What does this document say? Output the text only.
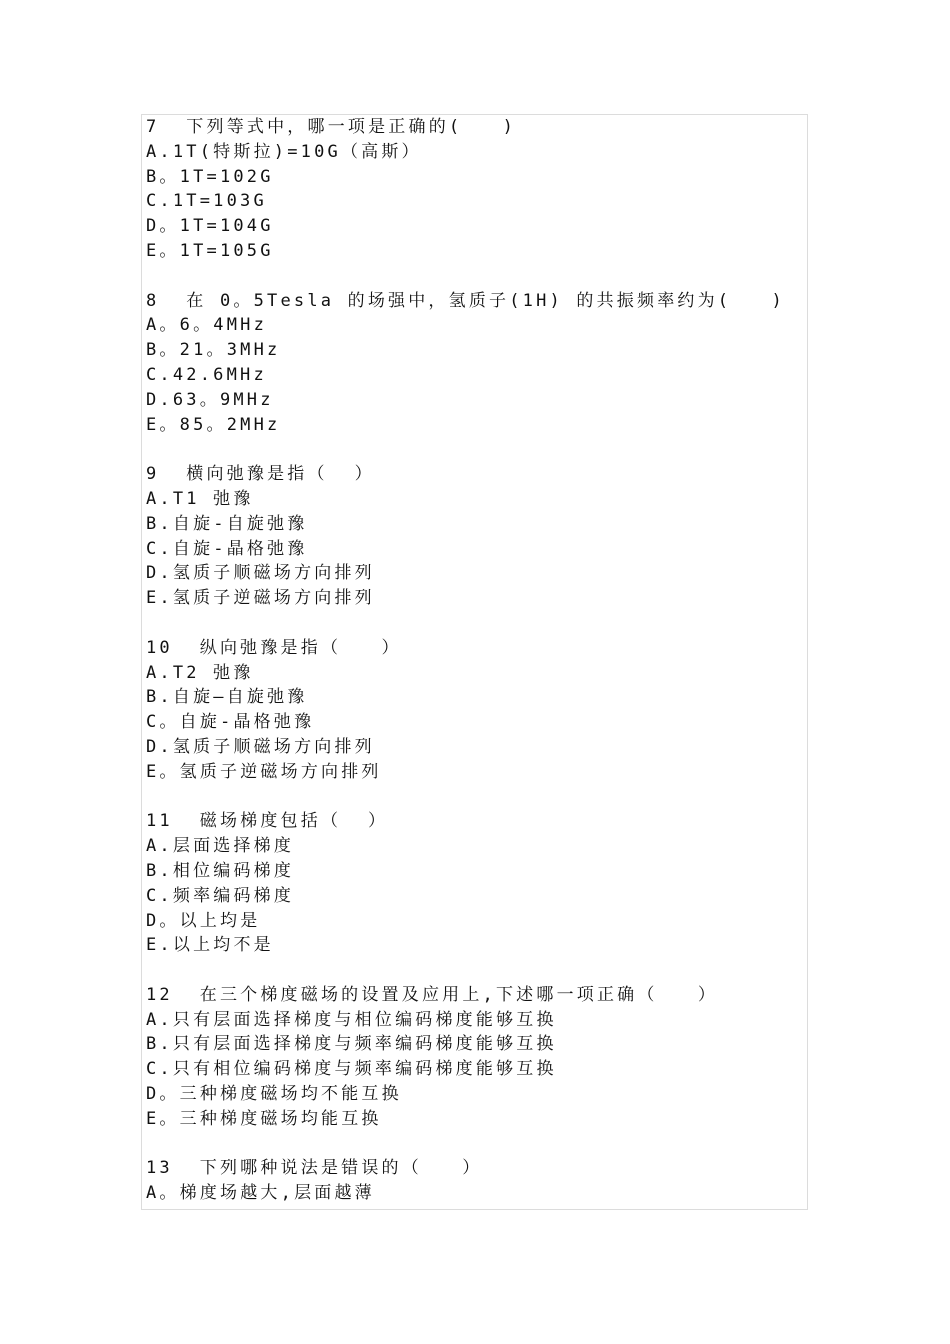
7  下列等式中，哪一项是正确的(   )
A.1T(特斯拉)=10G（高斯）
B。1T=102G
C.1T=103G
D。1T=104G
E。1T=105G
8  在 0。5Tesla 的场强中，氢质子(1H) 的共振频率约为(   )
A。6。4MHz
B。21。3MHz
C.42.6MHz
D.63。9MHz
E。85。2MHz
9  横向弛豫是指（  ）
A.T1 弛豫
B.自旋-自旋弛豫
C.自旋-晶格弛豫
D.氢质子顺磁场方向排列
E.氢质子逆磁场方向排列
10  纵向弛豫是指（   ）
A.T2 弛豫
B.自旋—自旋弛豫
C。自旋-晶格弛豫
D.氢质子顺磁场方向排列
E。氢质子逆磁场方向排列
11  磁场梯度包括（  ）
A.层面选择梯度
B.相位编码梯度
C.频率编码梯度
D。以上均是
E.以上均不是
12  在三个梯度磁场的设置及应用上,下述哪一项正确（   ）
A.只有层面选择梯度与相位编码梯度能够互换
B.只有层面选择梯度与频率编码梯度能够互换
C.只有相位编码梯度与频率编码梯度能够互换
D。三种梯度磁场均不能互换
E。三种梯度磁场均能互换
13  下列哪种说法是错误的（   ）
A。梯度场越大,层面越薄
